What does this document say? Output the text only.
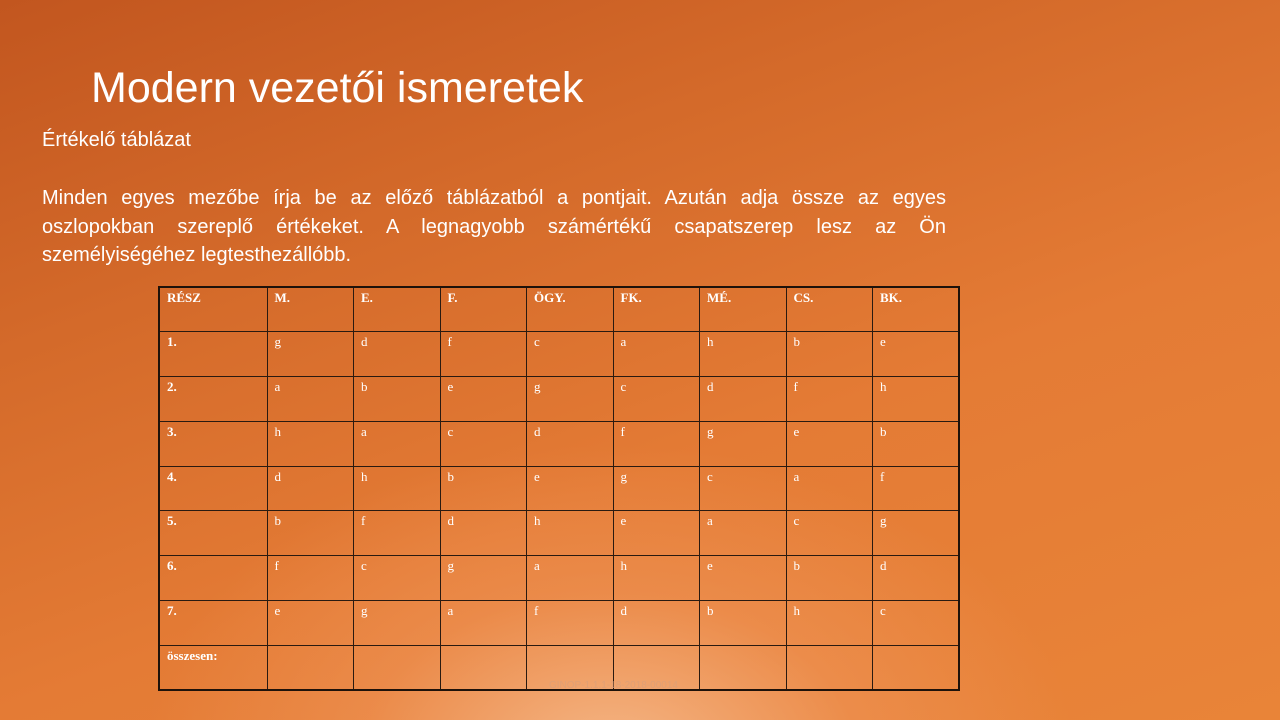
Modern vezetői ismeretek
Értékelő táblázat
Minden egyes mezőbe írja be az előző táblázatból a pontjait. Azután adja össze az egyes oszlopokban szereplő értékeket. A legnagyobb számértékű csapatszerep lesz az Ön személyiségéhez legtesthezállóbb.
RÉSZ	M.	E.	F.	ÖGY.	FK.	MÉ.	CS.	BK.
1.	g	d	f	c	a	h	b	e
2.	a	b	e	g	c	d	f	h
3.	h	a	c	d	f	g	e	b
4.	d	h	b	e	g	c	a	f
5.	b	f	d	h	e	a	c	g
6.	f	c	g	a	h	e	b	d
7.	e	g	a	f	d	b	h	c
összesen:								
GINOP-1.1.1-18-2018-00014
